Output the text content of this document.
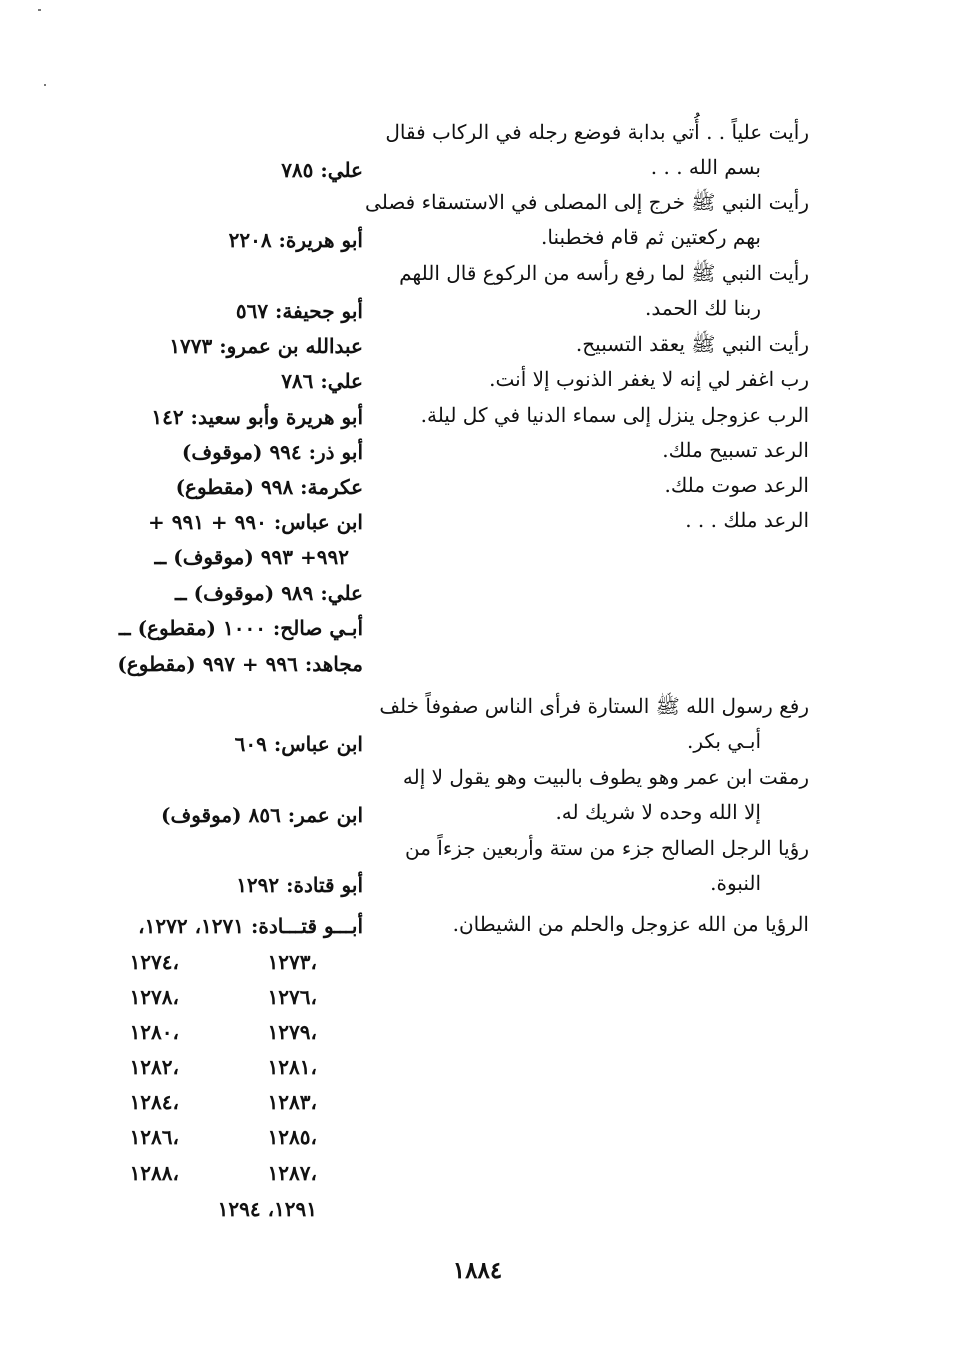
رأيت علياً . . أُتي بدابة فوضع رجله في الركاب فقال
بسم الله . . .
علي: ٧٨٥
رأيت النبي ﷺ خرج إلى المصلى في الاستسقاء فصلى
بهم ركعتين ثم قام فخطبنا.
أبو هريرة: ٢٢٠٨
رأيت النبي ﷺ لما رفع رأسه من الركوع قال اللهم
ربنا لك الحمد.
أبو جحيفة: ٥٦٧
رأيت النبي ﷺ يعقد التسبيح.
عبدالله بن عمرو: ١٧٧٣
رب اغفر لي إنه لا يغفر الذنوب إلا أنت.
علي: ٧٨٦
الرب عزوجل ينزل إلى سماء الدنيا في كل ليلة.
أبو هريرة وأبو سعيد: ١٤٢
الرعد تسبيح ملك.
أبو ذر: ٩٩٤ (موقوف)
الرعد صوت ملك.
عكرمة: ٩٩٨ (مقطوع)
الرعد ملك . . .
ابن عباس: ٩٩٠ + ٩٩١ +
٩٩٢+ ٩٩٣ (موقوف) ــ
علي: ٩٨٩ (موقوف) ــ
أبـي صالح: ١٠٠٠ (مقطوع) ــ
مجاهد: ٩٩٦ + ٩٩٧ (مقطوع)
رفع رسول الله ﷺ الستارة فرأى الناس صفوفاً خلف
أبـي بكر.
ابن عباس: ٦٠٩
رمقت ابن عمر وهو يطوف بالبيت وهو يقول لا إله
إلا الله وحده لا شريك له.
ابن عمر: ٨٥٦ (موقوف)
رؤيا الرجل الصالح جزء من ستة وأربعين جزءاً من
النبوة.
أبو قتادة: ١٢٩٢
الرؤيا من الله عزوجل والحلم من الشيطان.
أبـــو قتـــادة: ١٢٧١، ١٢٧٢،
١٢٧٣،
١٢٧٤،
١٢٧٦،
١٢٧٨،
١٢٧٩،
١٢٨٠،
١٢٨١،
١٢٨٢،
١٢٨٣،
١٢٨٤،
١٢٨٥،
١٢٨٦،
١٢٨٧،
١٢٨٨،
١٢٩١، ١٢٩٤
١٨٨٤
